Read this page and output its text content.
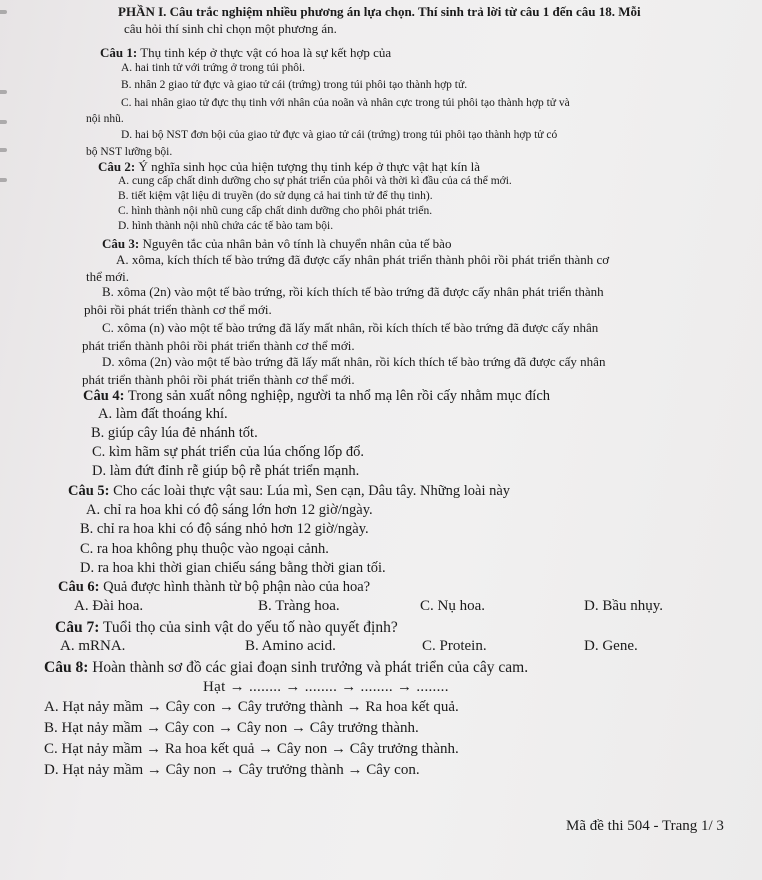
PHẦN I. Câu trắc nghiệm nhiều phương án lựa chọn. Thí sinh trả lời từ câu 1 đến câu 18. Mỗi
câu hỏi thí sinh chỉ chọn một phương án.
Câu 1: Thụ tinh kép ở thực vật có hoa là sự kết hợp của
A. hai tinh tử với trứng ở trong túi phôi.
B. nhân 2 giao tử đực và giao tử cái (trứng) trong túi phôi tạo thành hợp tử.
C. hai nhân giao tử đực thụ tinh với nhân của noãn và nhân cực trong túi phôi tạo thành hợp tử và
nội nhũ.
D. hai bộ NST đơn bội của giao tử đực và giao tử cái (trứng) trong túi phôi tạo thành hợp tử có
bộ NST lưỡng bội.
Câu 2: Ý nghĩa sinh học của hiện tượng thụ tinh kép ở thực vật hạt kín là
A. cung cấp chất dinh dưỡng cho sự phát triển của phôi và thời kì đầu của cá thể mới.
B. tiết kiệm vật liệu di truyền (do sử dụng cả hai tinh tử để thụ tinh).
C. hình thành nội nhũ cung cấp chất dinh dưỡng cho phôi phát triển.
D. hình thành nội nhũ chứa các tế bào tam bội.
Câu 3: Nguyên tắc của nhân bản vô tính là chuyển nhân của tế bào
A. xôma, kích thích tế bào trứng đã được cấy nhân phát triển thành phôi rồi phát triển thành cơ
thể mới.
B. xôma (2n) vào một tế bào trứng, rồi kích thích tế bào trứng đã được cấy nhân phát triển thành
phôi rồi phát triển thành cơ thể mới.
C. xôma (n) vào một tế bào trứng đã lấy mất nhân, rồi kích thích tế bào trứng đã được cấy nhân
phát triển thành phôi rồi phát triển thành cơ thể mới.
D. xôma (2n) vào một tế bào trứng đã lấy mất nhân, rồi kích thích tế bào trứng đã được cấy nhân
phát triển thành phôi rồi phát triển thành cơ thể mới.
Câu 4: Trong sản xuất nông nghiệp, người ta nhổ mạ lên rồi cấy nhằm mục đích
A. làm đất thoáng khí.
B. giúp cây lúa đẻ nhánh tốt.
C. kìm hãm sự phát triển của lúa chống lốp đổ.
D. làm đứt đỉnh rễ giúp bộ rễ phát triển mạnh.
Câu 5: Cho các loài thực vật sau: Lúa mì, Sen cạn, Dâu tây. Những loài này
A. chỉ ra hoa khi có độ sáng lớn hơn 12 giờ/ngày.
B. chỉ ra hoa khi có độ sáng nhỏ hơn 12 giờ/ngày.
C. ra hoa không phụ thuộc vào ngoại cảnh.
D. ra hoa khi thời gian chiếu sáng bằng thời gian tối.
Câu 6: Quả được hình thành từ bộ phận nào của hoa?
A. Đài hoa.	B. Tràng hoa.	C. Nụ hoa.	D. Bầu nhụy.
Câu 7: Tuổi thọ của sinh vật do yếu tố nào quyết định?
A. mRNA.	B. Amino acid.	C. Protein.	D. Gene.
Câu 8: Hoàn thành sơ đồ các giai đoạn sinh trưởng và phát triển của cây cam.
Hạt → ........ → ........ → ........ → ........
A. Hạt nảy mầm → Cây con → Cây trưởng thành → Ra hoa kết quả.
B. Hạt nảy mầm → Cây con → Cây non → Cây trưởng thành.
C. Hạt nảy mầm → Ra hoa kết quả → Cây non → Cây trưởng thành.
D. Hạt nảy mầm → Cây non → Cây trưởng thành → Cây con.
Mã đề thi 504 - Trang 1/ 3
